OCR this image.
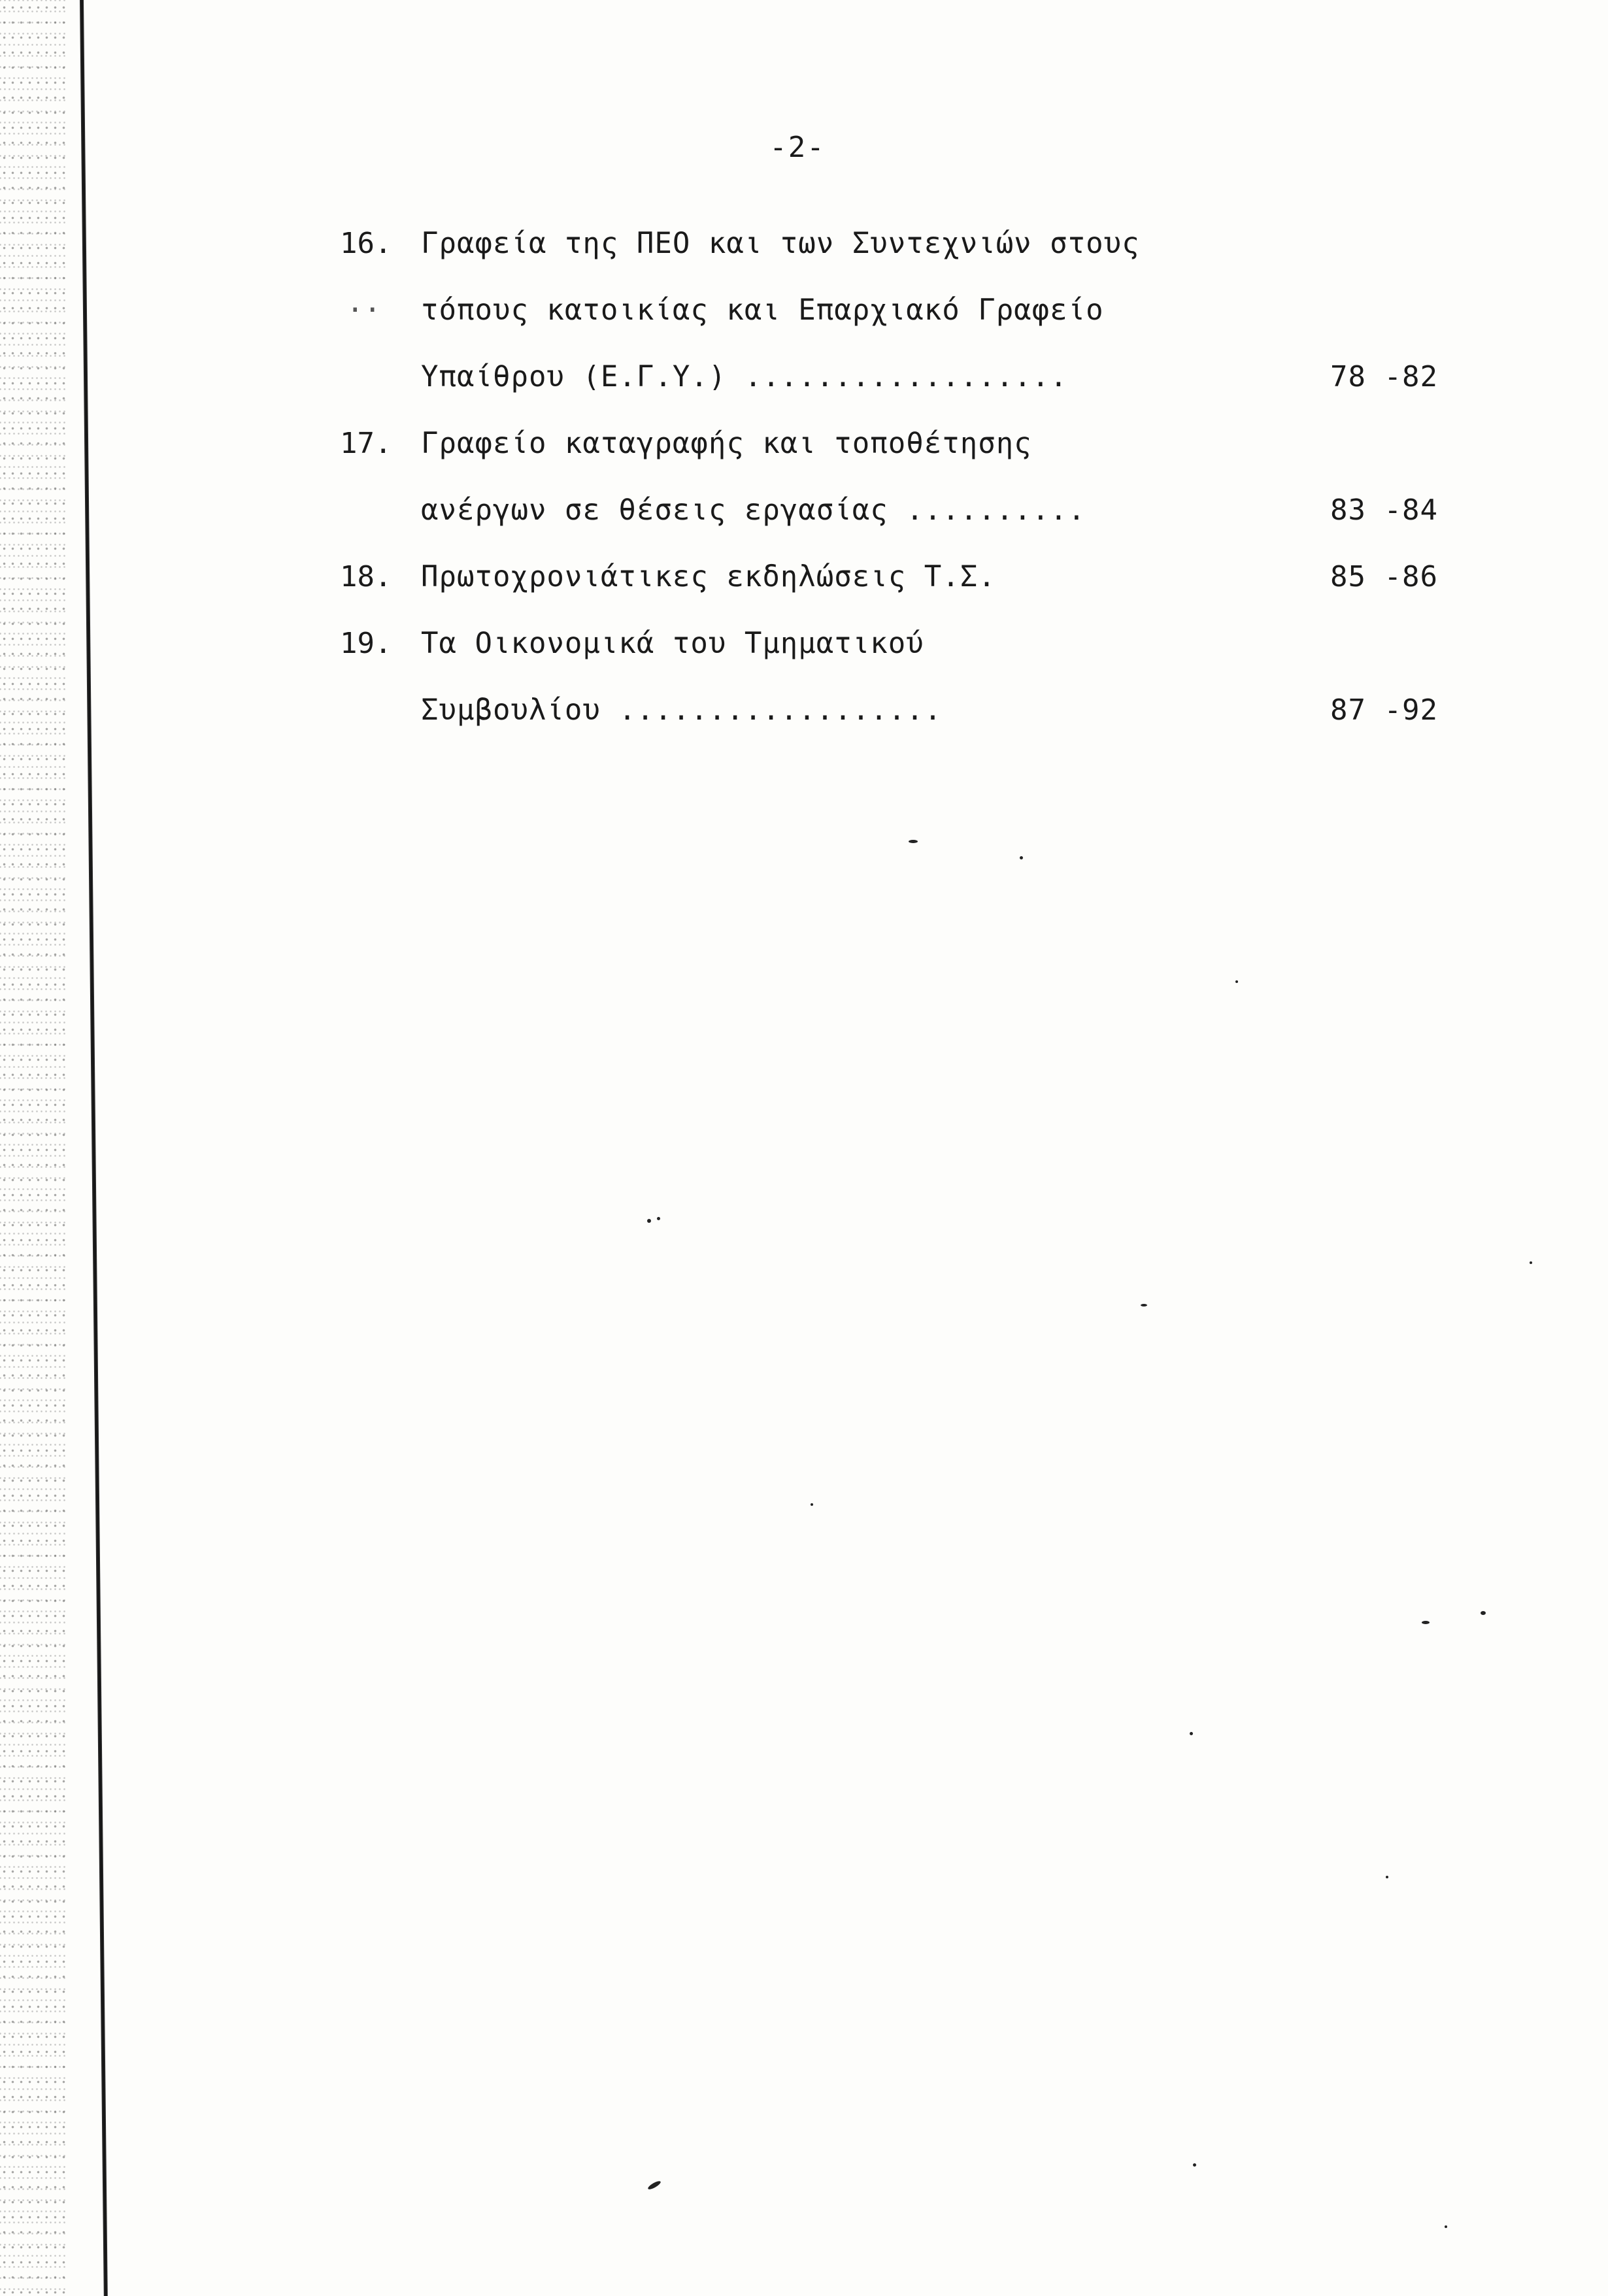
-2-
16. Γραφεία της ΠΕΟ και των Συντεχνιών στους
·· τόπους κατοικίας και Επαρχιακό Γραφείο
Υπαίθρου (Ε.Γ.Υ.) ..................	78 -82
17. Γραφείο καταγραφής και τοποθέτησης
ανέργων σε θέσεις εργασίας ..........	83 -84
18. Πρωτοχρονιάτικες εκδηλώσεις Τ.Σ.	85 -86
19. Τα Οικονομικά του Τμηματικού
Συμβουλίου ..................	87 -92
